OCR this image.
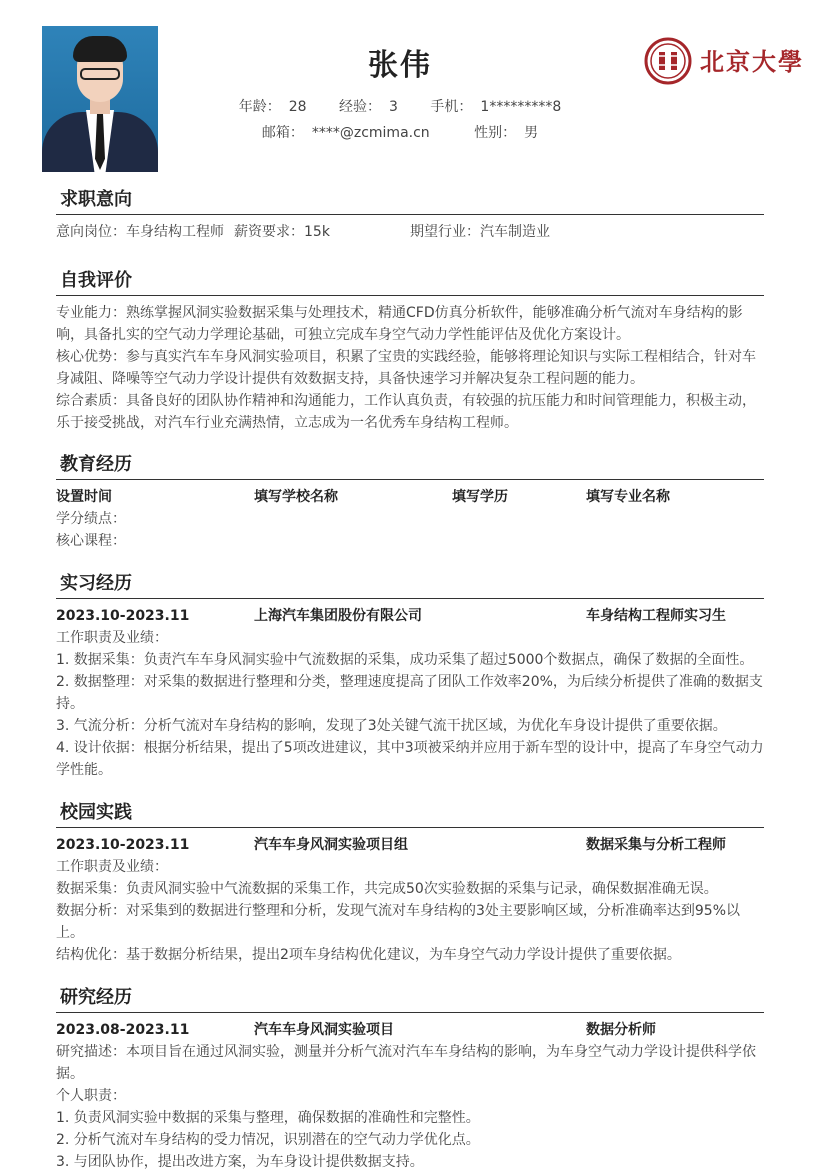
张伟
年龄： 28 经验： 3 手机： 1*********8
邮箱： ****@zcmima.cn	性别： 男
北京大學
求职意向
意向岗位：车身结构工程师 薪资要求：15k	期望行业：汽车制造业
自我评价
专业能力：熟练掌握风洞实验数据采集与处理技术，精通CFD仿真分析软件，能够准确分析气流对车身结构的影
响，具备扎实的空气动力学理论基础，可独立完成车身空气动力学性能评估及优化方案设计。
核心优势：参与真实汽车车身风洞实验项目，积累了宝贵的实践经验，能够将理论知识与实际工程相结合，针对车
身减阻、降噪等空气动力学设计提供有效数据支持，具备快速学习并解决复杂工程问题的能力。
综合素质：具备良好的团队协作精神和沟通能力，工作认真负责，有较强的抗压能力和时间管理能力，积极主动，
乐于接受挑战，对汽车行业充满热情，立志成为一名优秀车身结构工程师。
教育经历
设置时间	填写学校名称	填写学历	填写专业名称
学分绩点：
核心课程：
实习经历
2023.10-2023.11	上海汽车集团股份有限公司	车身结构工程师实习生
工作职责及业绩：
1. 数据采集：负责汽车车身风洞实验中气流数据的采集，成功采集了超过5000个数据点，确保了数据的全面性。
2. 数据整理：对采集的数据进行整理和分类，整理速度提高了团队工作效率20%，为后续分析提供了准确的数据支
持。
3. 气流分析：分析气流对车身结构的影响，发现了3处关键气流干扰区域，为优化车身设计提供了重要依据。
4. 设计依据：根据分析结果，提出了5项改进建议，其中3项被采纳并应用于新车型的设计中，提高了车身空气动力
学性能。
校园实践
2023.10-2023.11	汽车车身风洞实验项目组	数据采集与分析工程师
工作职责及业绩：
数据采集：负责风洞实验中气流数据的采集工作，共完成50次实验数据的采集与记录，确保数据准确无误。
数据分析：对采集到的数据进行整理和分析，发现气流对车身结构的3处主要影响区域，分析准确率达到95%以
上。
结构优化：基于数据分析结果，提出2项车身结构优化建议，为车身空气动力学设计提供了重要依据。
研究经历
2023.08-2023.11	汽车车身风洞实验项目	数据分析师
研究描述：本项目旨在通过风洞实验，测量并分析气流对汽车车身结构的影响，为车身空气动力学设计提供科学依
据。
个人职责：
1. 负责风洞实验中数据的采集与整理，确保数据的准确性和完整性。
2. 分析气流对车身结构的受力情况，识别潜在的空气动力学优化点。
3. 与团队协作，提出改进方案，为车身设计提供数据支持。
